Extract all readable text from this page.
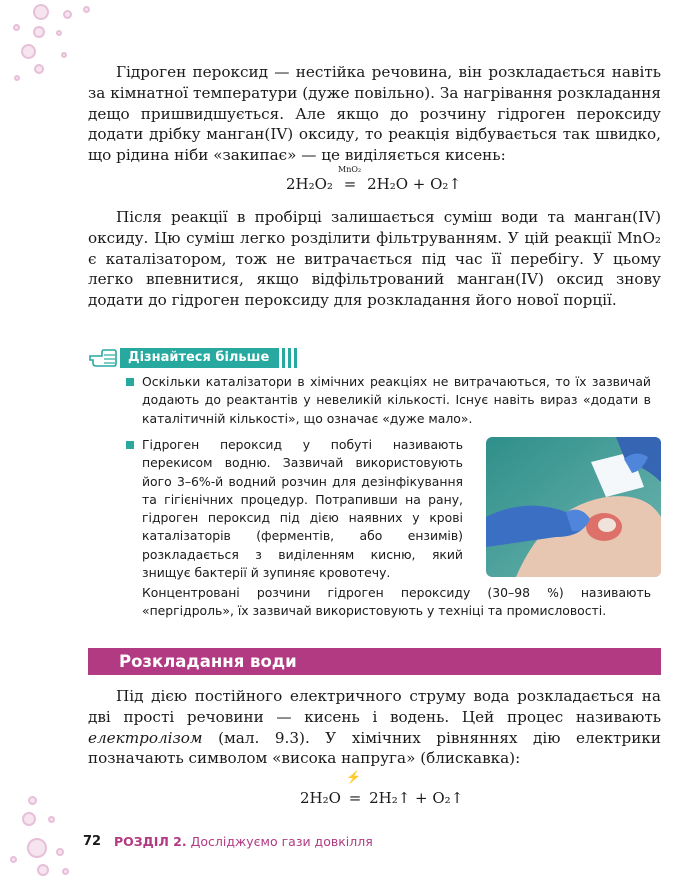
Гідроген пероксид — нестійка речовина, він розкладається навіть за кімнатної температури (дуже повільно). За нагрівання розкладання дещо пришвидшується. Але якщо до розчину гідроген пероксиду додати дрібку манган(IV) оксиду, то реакція відбувається так швидко, що рідина ніби «закипає» — це виділяється кисень:

MnO₂
2H₂O₂ = 2H₂O + O₂↑

Після реакції в пробірці залишається суміш води та манган(IV) оксиду. Цю суміш легко розділити фільтруванням. У цій реакції MnO₂ є каталізатором, тож не витрачається під час її перебігу. У цьому легко впевнитися, якщо відфільтрований манган(IV) оксид знову додати до гідроген пероксиду для розкладання його нової порції.

Дізнайтеся більше

Оскільки каталізатори в хімічних реакціях не витрачаються, то їх зазвичай додають до реактантів у невеликій кількості. Існує навіть вираз «додати в каталітичній кількості», що означає «дуже мало».

Гідроген пероксид у побуті називають перекисом водню. Зазвичай використовують його 3–6%-й водний розчин для дезінфікування та гігієнічних процедур. Потрапивши на рану, гідроген пероксид під дією наявних у крові каталізаторів (ферментів, або ензимів) розкладається з виділенням кисню, який знищує бактерії й зупиняє кровотечу.

Концентровані розчини гідроген пероксиду (30–98 %) називають «пергідроль», їх зазвичай використовують у техніці та промисловості.

Розкладання води

Під дією постійного електричного струму вода розкладається на дві прості речовини — кисень і водень. Цей процес називають електролізом (мал. 9.3). У хімічних рівняннях дію електрики позначають символом «висока напруга» (блискавка):

⚡
2H₂O = 2H₂↑ + O₂↑
72 РОЗДІЛ 2. Досліджуємо гази довкілля
